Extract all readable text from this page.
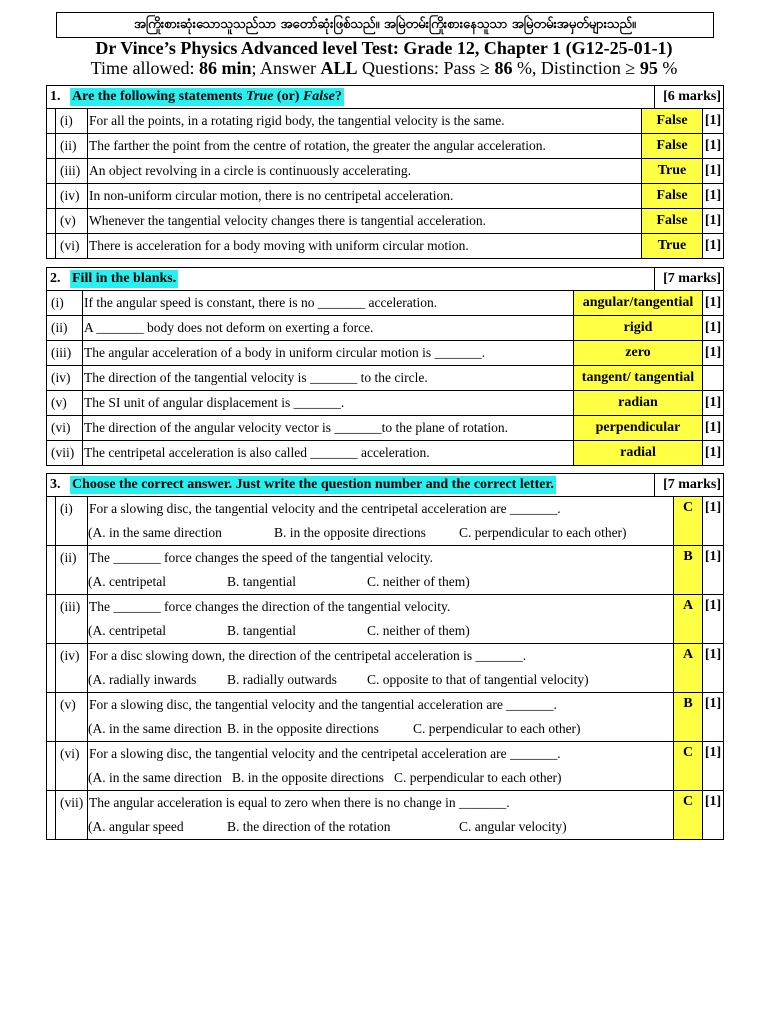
အကြိုးစားဆုံးသောသူသည်သာ အတော်ဆုံးဖြစ်သည်။ အမြဲတမ်းကြိုးစားနေသူသာ အမြဲတမ်းအမှတ်များသည်။
Dr Vince’s Physics Advanced level Test: Grade 12, Chapter 1 (G12-25-01-1)
Time allowed: 86 min; Answer ALL Questions: Pass ≥ 86 %, Distinction ≥ 95 %
1. Are the following statements True (or) False?	[6 marks]
(i)	For all the points, in a rotating rigid body, the tangential velocity is the same.	False	[1]
(ii) The farther the point from the centre of rotation, the greater the angular acceleration.	False	[1]
(iii) An object revolving in a circle is continuously accelerating.	True	[1]
(iv) In non-uniform circular motion, there is no centripetal acceleration.	False	[1]
(v) Whenever the tangential velocity changes there is tangential acceleration.	False	[1]
(vi) There is acceleration for a body moving with uniform circular motion.	True	[1]
2. Fill in the blanks.	[7 marks]
(i)	If the angular speed is constant, there is no _______ acceleration.	angular/tangential [1]
(ii)	A _______ body does not deform on exerting a force.	rigid	[1]
(iii) The angular acceleration of a body in uniform circular motion is _______.	zero	[1]
(iv)	The direction of the tangential velocity is _______ to the circle.	tangent/ tangential
(v)	The SI unit of angular displacement is _______.	radian	[1]
(vi)	The direction of the angular velocity vector is _______to the plane of rotation.	perpendicular	[1]
(vii) The centripetal acceleration is also called _______ acceleration.	radial	[1]
3. Choose the correct answer. Just write the question number and the correct letter.	[7 marks]
(i)	For a slowing disc, the tangential velocity and the centripetal acceleration are _______.
(A. in the same direction	B. in the opposite directions C. perpendicular to each other)
C [1]
(ii) The _______ force changes the speed of the tangential velocity.
(A. centripetal	B. tangential	C. neither of them)
B [1]
(iii) The _______ force changes the direction of the tangential velocity.
(A. centripetal	B. tangential	C. neither of them)
A [1]
(iv) For a disc slowing down, the direction of the centripetal acceleration is _______.
(A. radially inwards B. radially outwards C. opposite to that of tangential velocity)
A [1]
(v) For a slowing disc, the tangential velocity and the tangential acceleration are _______.
(A. in the same direction B. in the opposite directions	C. perpendicular to each other)
B [1]
(vi) For a slowing disc, the tangential velocity and the centripetal acceleration are _______.
(A. in the same direction B. in the opposite directions C. perpendicular to each other)
C [1]
(vii) The angular acceleration is equal to zero when there is no change in _______.
(A. angular speed	B. the direction of the rotation	C. angular velocity)
C [1]
